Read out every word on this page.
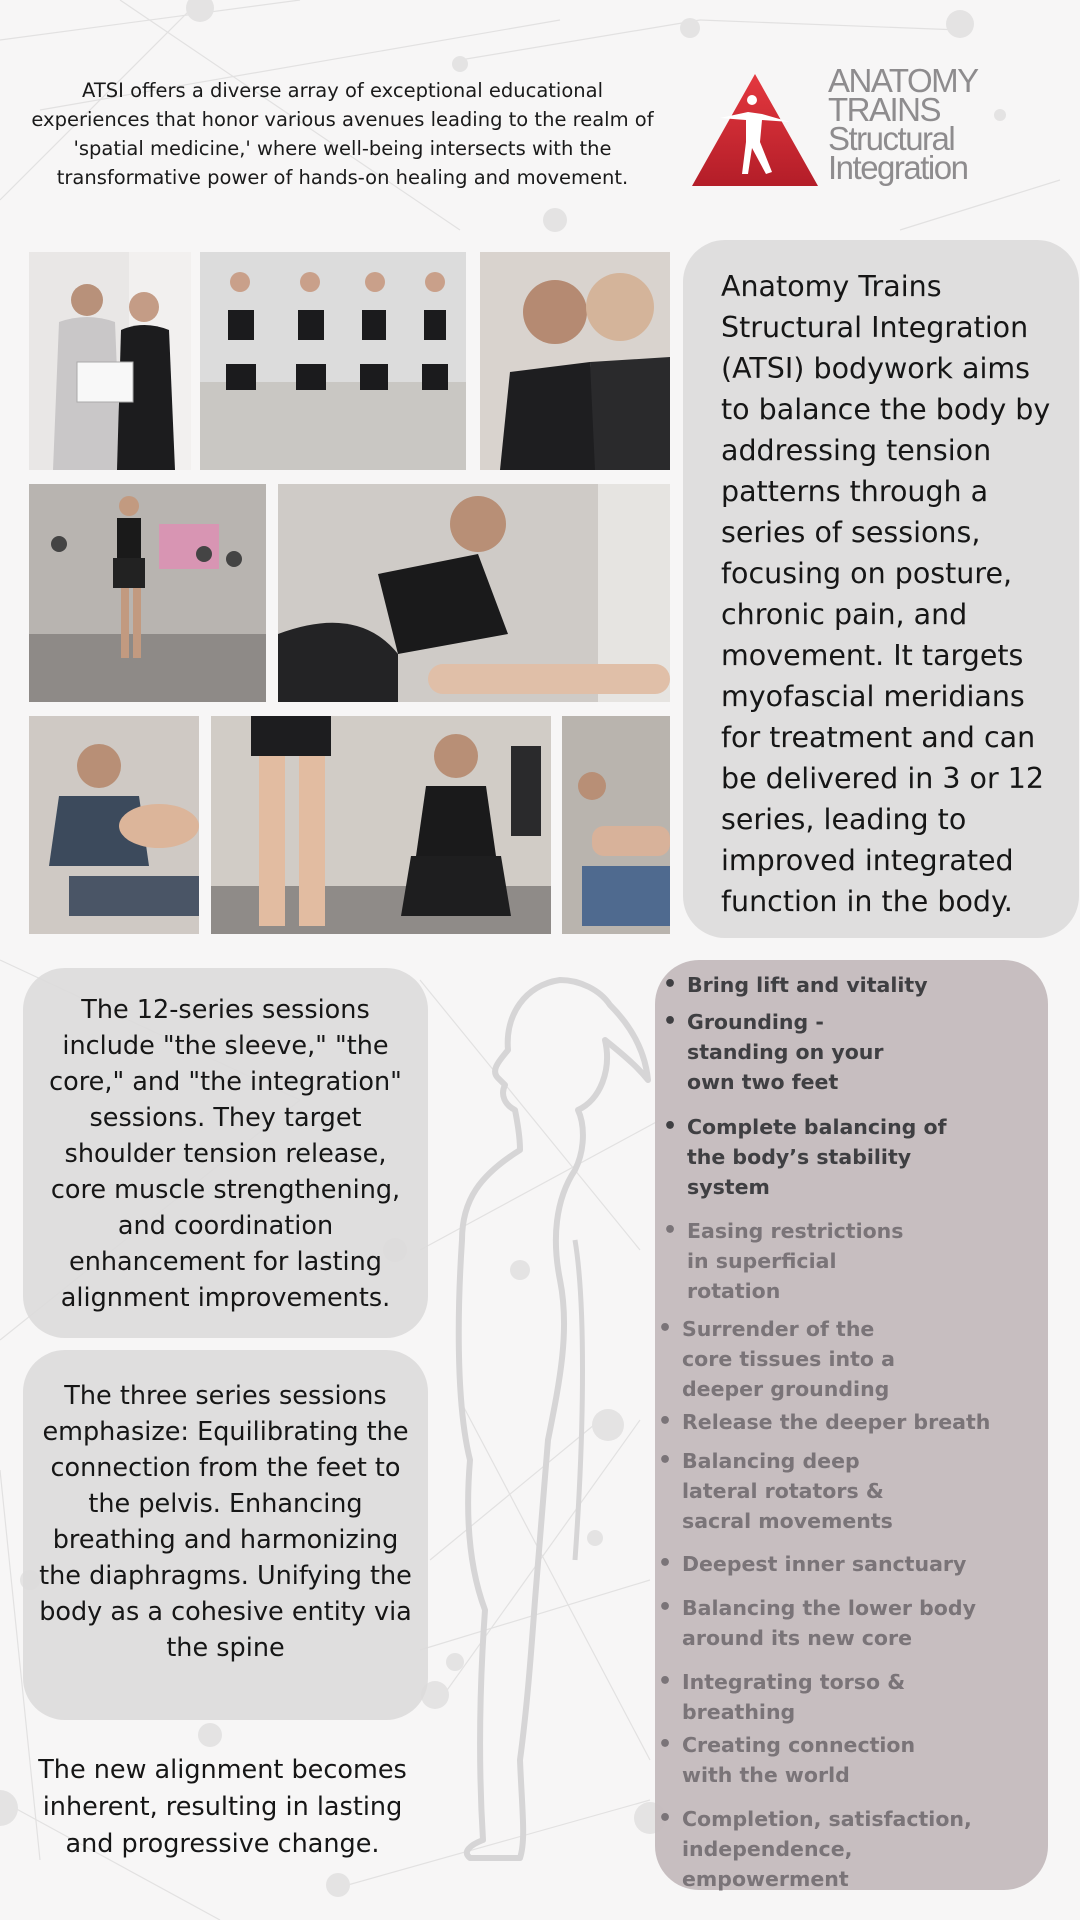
ATSI offers a diverse array of exceptional educational experiences that honor various avenues leading to the realm of 'spatial medicine,' where well-being intersects with the transformative power of hands-on healing and movement.
ANATOMY
TRAINS
Structural
Integration
Anatomy Trains Structural Integration (ATSI) bodywork aims to balance the body by addressing tension patterns through a series of sessions, focusing on posture, chronic pain, and movement. It targets myofascial meridians for treatment and can be delivered in 3 or 12 series, leading to improved integrated function in the body.
The 12-series sessions include "the sleeve," "the core," and "the integration" sessions. They target shoulder tension release, core muscle strengthening, and coordination enhancement for lasting alignment improvements.
The three series sessions emphasize: Equilibrating the connection from the feet to the pelvis. Enhancing breathing and harmonizing the diaphragms. Unifying the body as a cohesive entity via the spine
The new alignment becomes inherent, resulting in lasting and progressive change.
• Bring lift and vitality
• Grounding - standing on your own two feet
• Complete balancing of the body’s stability system
• Easing restrictions in superficial rotation
• Surrender of the core tissues into a deeper grounding
• Release the deeper breath
• Balancing deep lateral rotators & sacral movements
• Deepest inner sanctuary
• Balancing the lower body around its new core
• Integrating torso & breathing
• Creating connection with the world
• Completion, satisfaction, independence, empowerment
